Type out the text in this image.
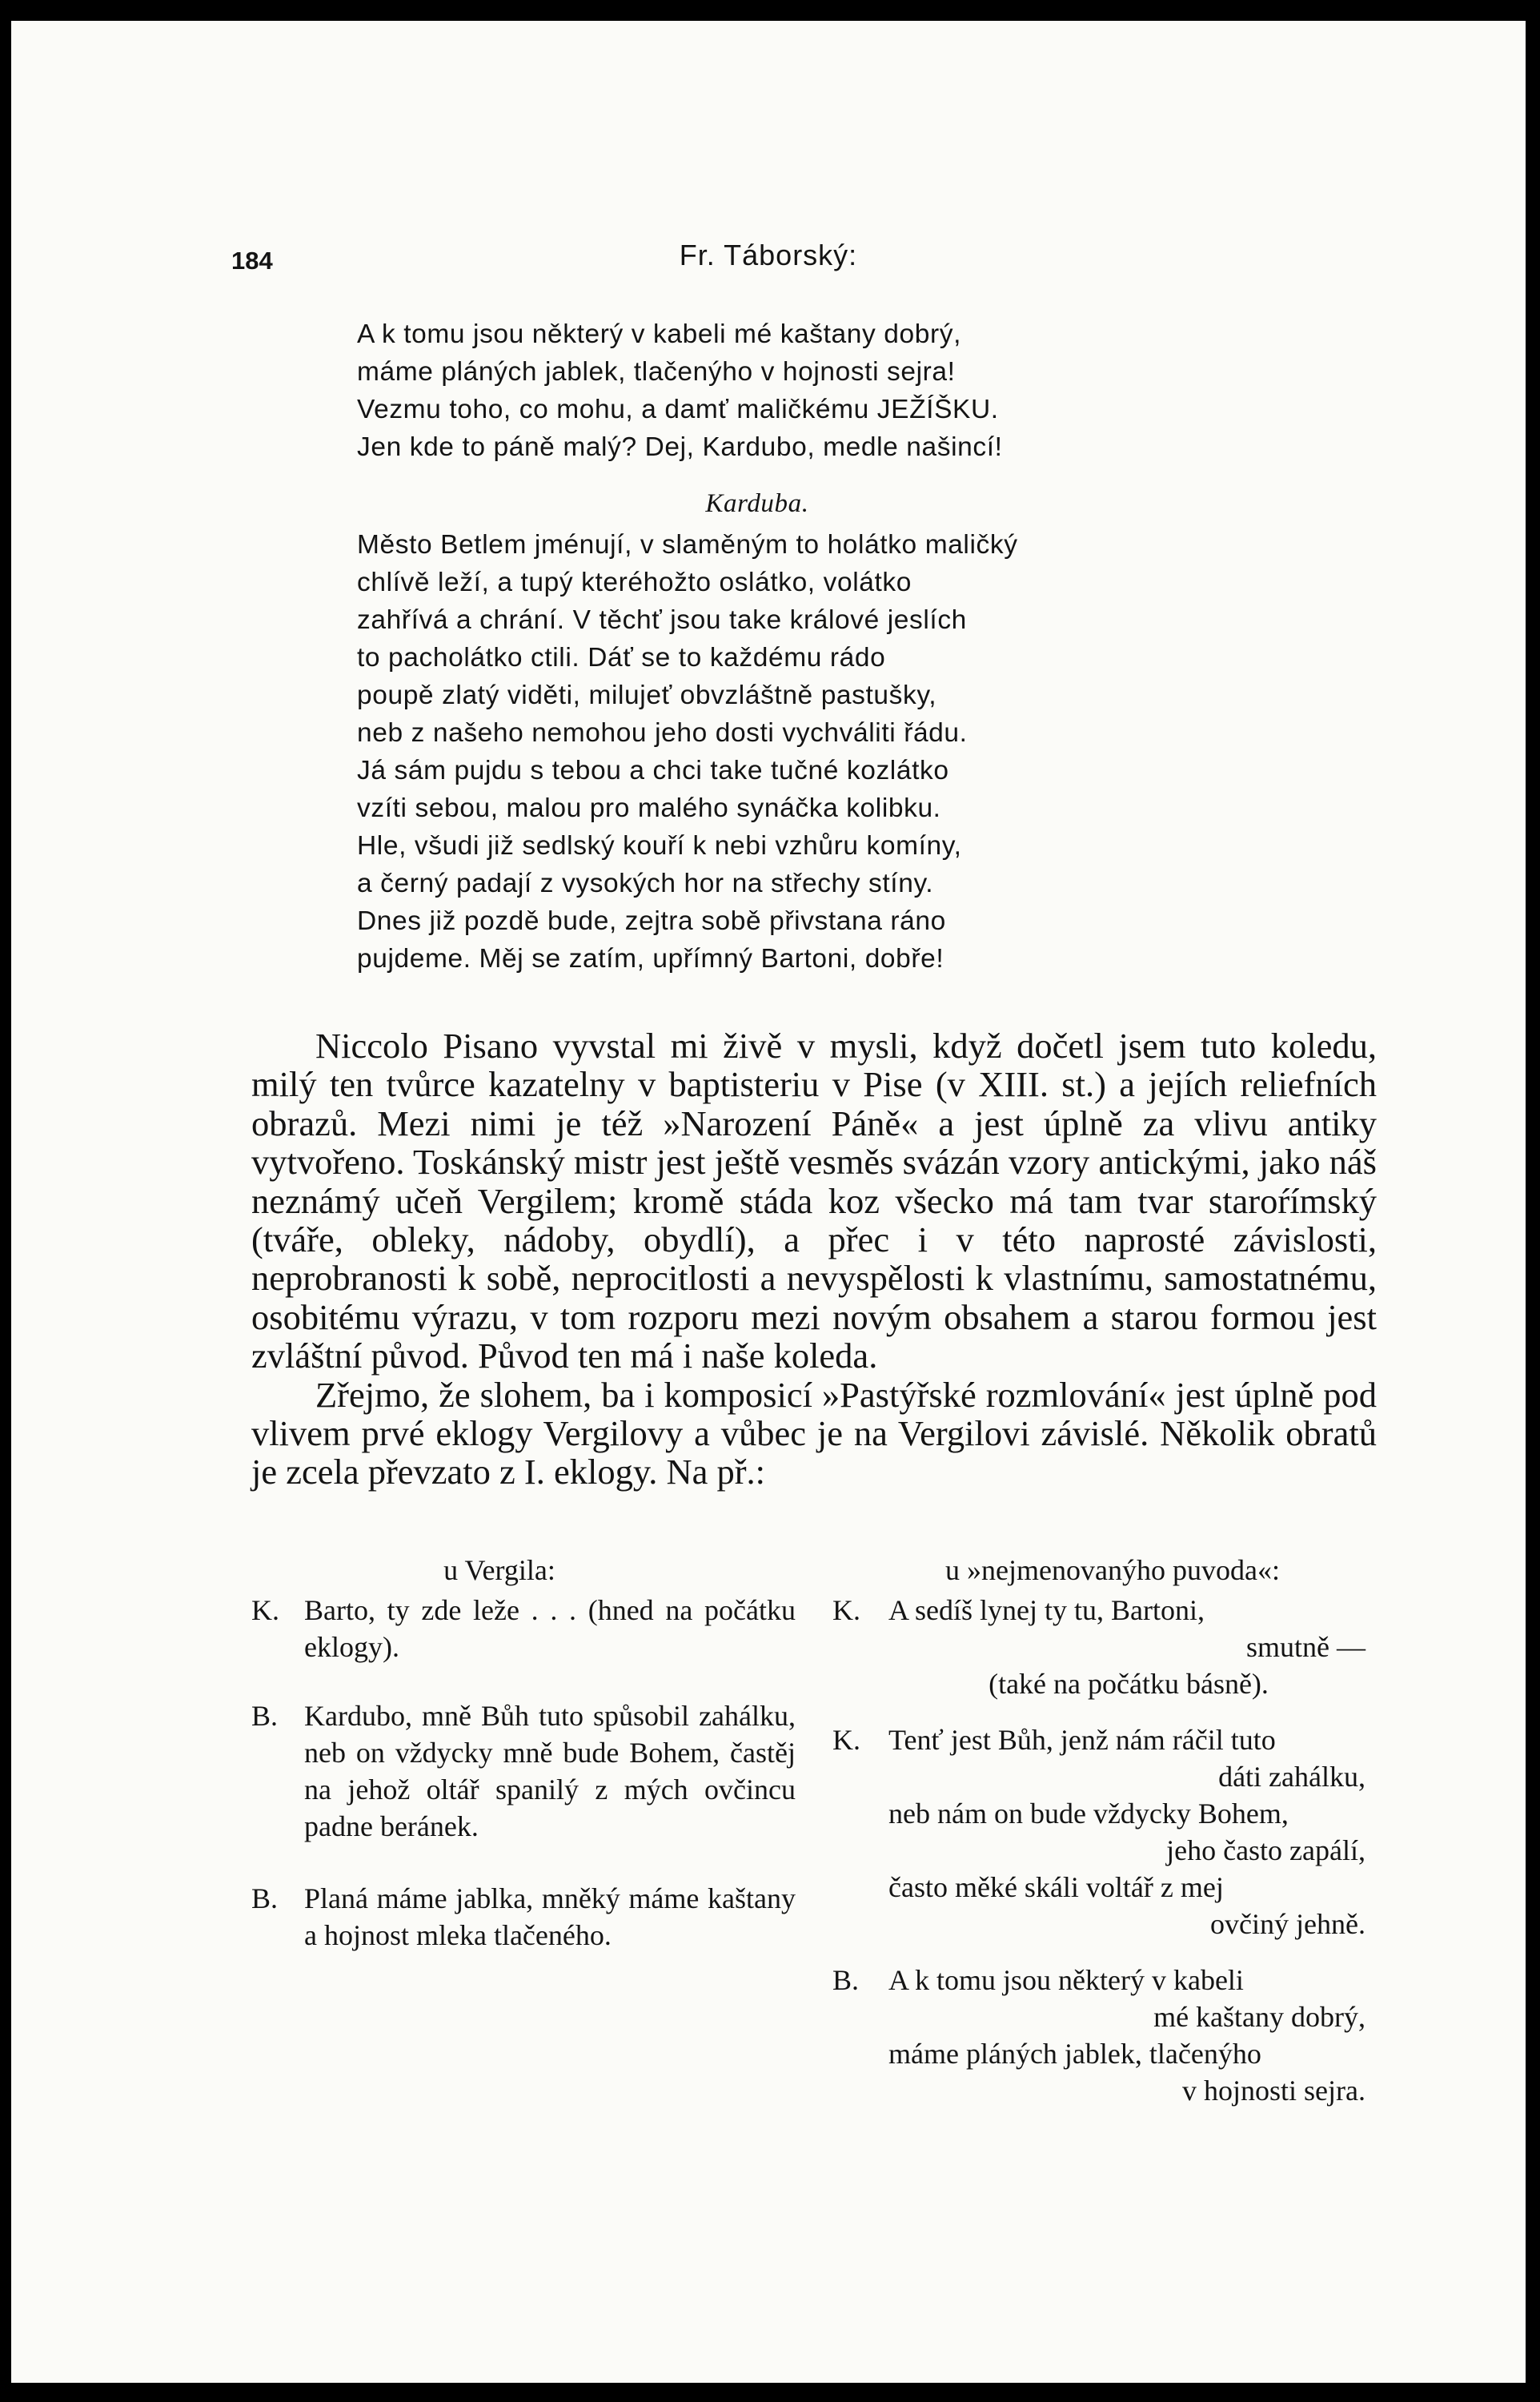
184	Fr. Táborský:
A k tomu jsou některý v kabeli mé kaštany dobrý,
máme pláných jablek, tlačenýho v hojnosti sejra!
Vezmu toho, co mohu, a damť maličkému JEŽÍŠKU.
Jen kde to páně malý? Dej, Kardubo, medle našincí!
Karduba.
Město Betlem jménují, v slaměným to holátko maličký
chlívě leží, a tupý kteréhožto oslátko, volátko
zahřívá a chrání. V těchť jsou take králové jeslích
to pacholátko ctili. Dáť se to každému rádo
poupě zlatý viděti, milujeť obvzláštně pastušky,
neb z našeho nemohou jeho dosti vychváliti řádu.
Já sám pujdu s tebou a chci take tučné kozlátko
vzíti sebou, malou pro malého synáčka kolibku.
Hle, všudi již sedlský kouří k nebi vzhůru komíny,
a černý padají z vysokých hor na střechy stíny.
Dnes již pozdě bude, zejtra sobě přivstana ráno
pujdeme. Měj se zatím, upřímný Bartoni, dobře!

Niccolo Pisano vyvstal mi živě v mysli, když dočetl jsem tuto koledu, milý ten tvůrce kazatelny v baptisteriu v Pise (v XIII. st.) a jejích reliefních obrazů. Mezi nimi je též »Narození Páně« a jest úplně za vlivu antiky vytvořeno. Toskánský mistr jest ještě vesměs svázán vzory antickými, jako náš neznámý učeň Vergilem; kromě stáda koz všecko má tam tvar staroŕímský (tváře, obleky, nádoby, obydlí), a přec i v této naprosté závislosti, neprobranosti k sobě, neprocitlosti a nevyspělosti k vlastnímu, samostatnému, osobitému výrazu, v tom rozporu mezi novým obsahem a starou formou jest zvláštní původ. Původ ten má i naše koleda.

Zřejmo, že slohem, ba i komposicí »Pastýřské rozmlování« jest úplně pod vlivem prvé eklogy Vergilovy a vůbec je na Vergilovi závislé. Několik obratů je zcela převzato z I. eklogy. Na př.:

u Vergila:
K. Barto, ty zde leže . . . (hned na počátku eklogy).
B. Kardubo, mně Bůh tuto spůsobil zahálku, neb on vždycky mně bude Bohem, častěj na jehož oltář spanilý z mých ovčincu padne beránek.
B. Planá máme jablka, mněký máme kaštany a hojnost mleka tlačeného.
u »nejmenovanýho puvoda«:
K. A sedíš lynej ty tu, Bartoni,
smutně —
(také na počátku básně).
K. Tenť jest Bůh, jenž nám ráčil tuto
dáti zahálku,
neb nám on bude vždycky Bohem,
jeho často zapálí,
často měké skáli voltář z mej
ovčiný jehně.
B. A k tomu jsou některý v kabeli
mé kaštany dobrý,
máme pláných jablek, tlačenýho
v hojnosti sejra.
